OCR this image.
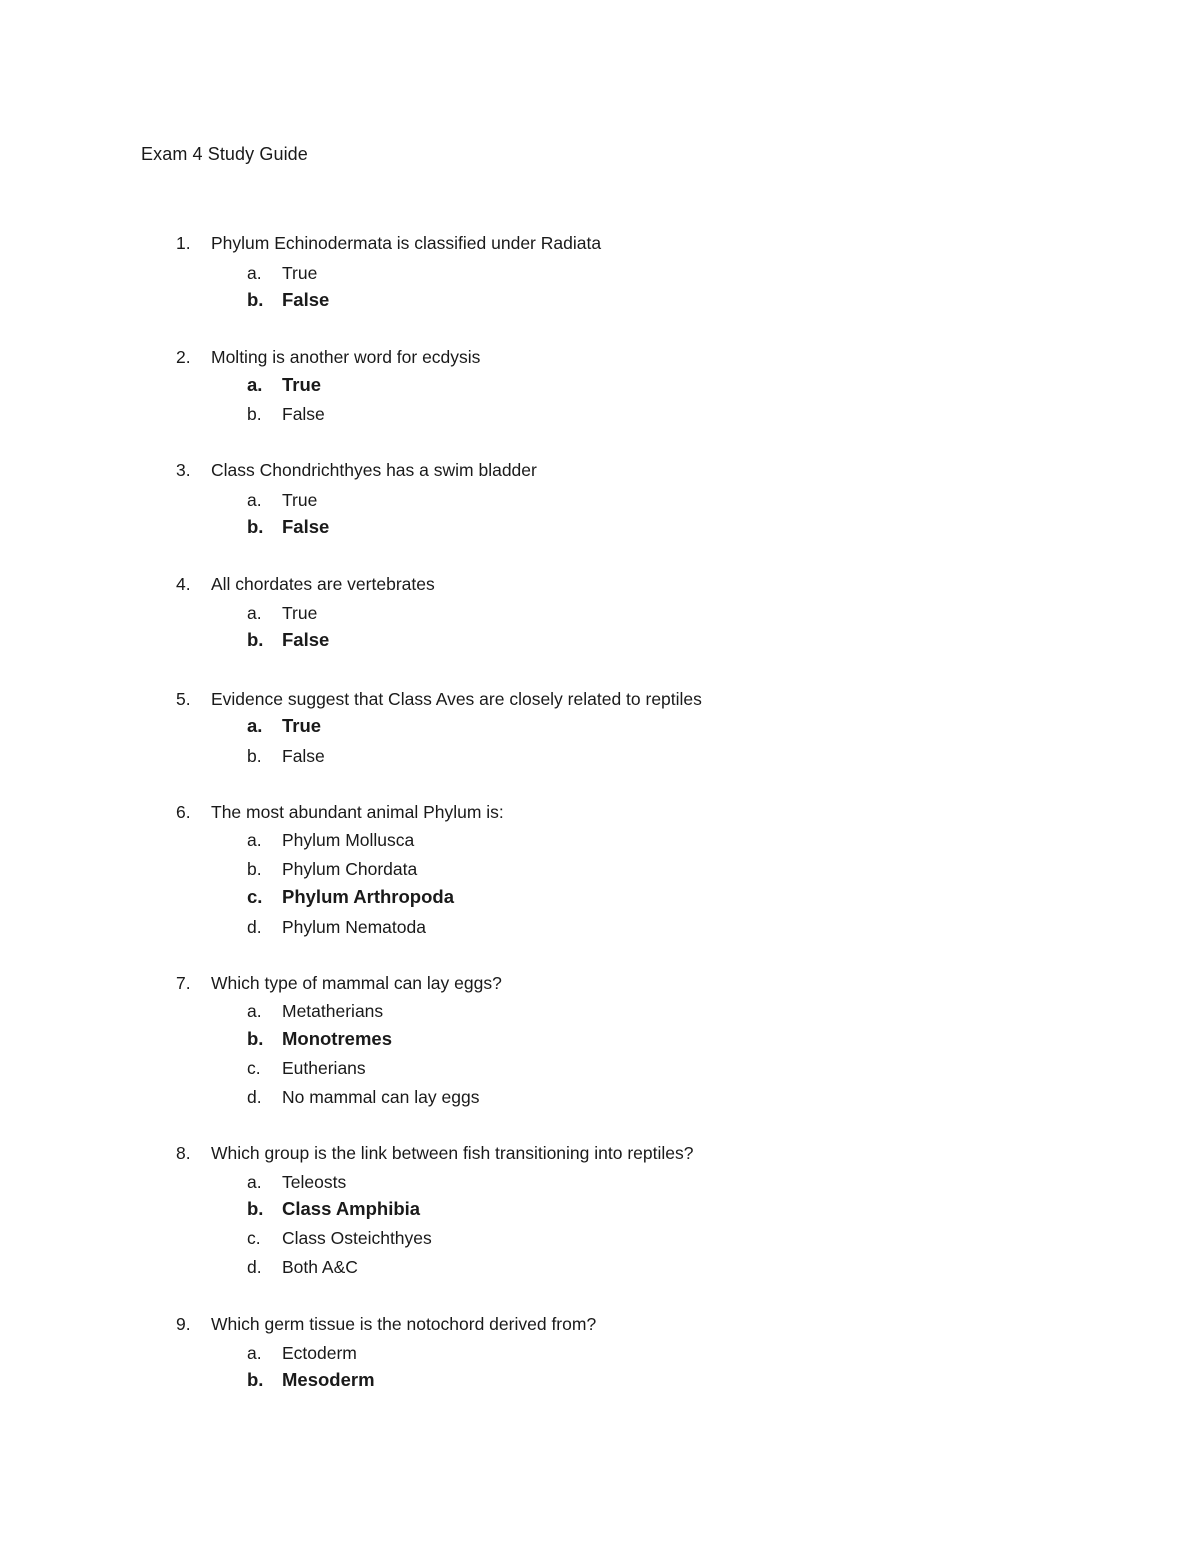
Exam 4 Study Guide
1.	Phylum Echinodermata is classified under Radiata
a.	True
b.	False
2.	Molting is another word for ecdysis
a.	True
b.	False
3.	Class Chondrichthyes has a swim bladder
a.	True
b.	False
4.	All chordates are vertebrates
a.	True
b.	False
5.	Evidence suggest that Class Aves are closely related to reptiles
a.	True
b.	False
6.	The most abundant animal Phylum is:
a.	Phylum Mollusca
b.	Phylum Chordata
c.	Phylum Arthropoda
d.	Phylum Nematoda
7.	Which type of mammal can lay eggs?
a.	Metatherians
b.	Monotremes
c.	Eutherians
d.	No mammal can lay eggs
8.	Which group is the link between fish transitioning into reptiles?
a.	Teleosts
b.	Class Amphibia
c.	Class Osteichthyes
d.	Both A&C
9.	Which germ tissue is the notochord derived from?
a.	Ectoderm
b.	Mesoderm
